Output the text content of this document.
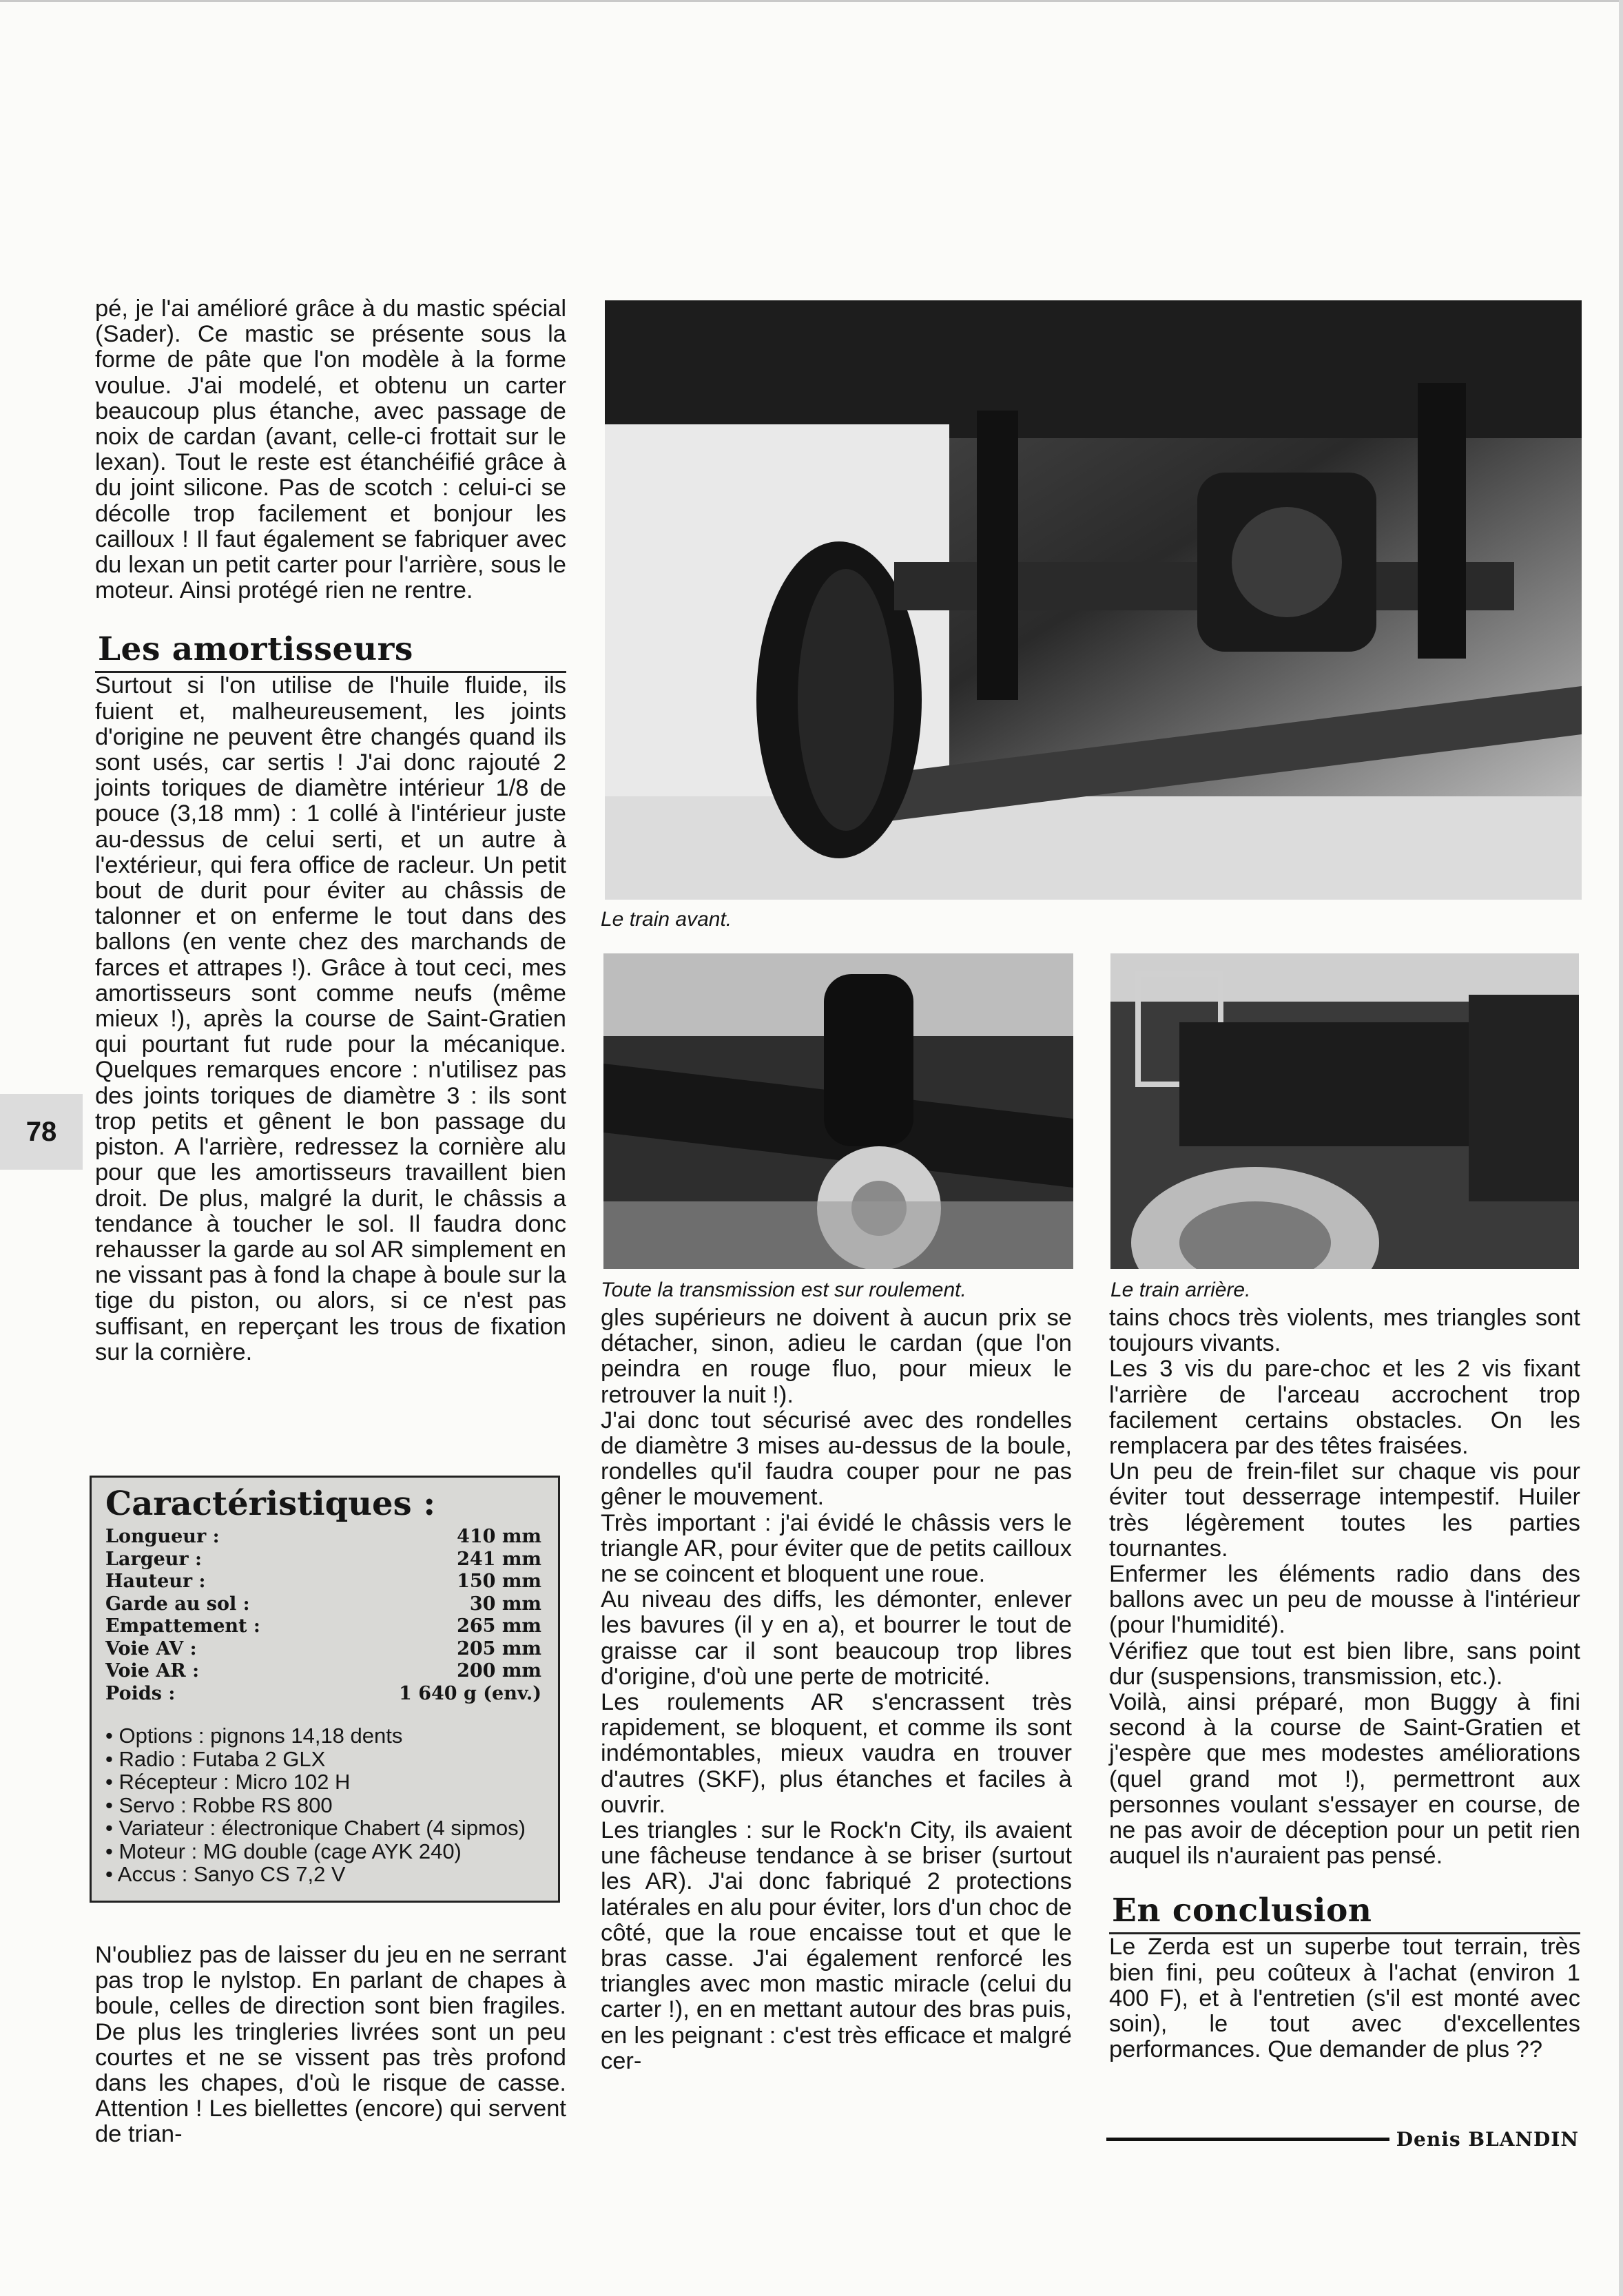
pé, je l'ai amélioré grâce à du mastic spécial (Sader). Ce mastic se présente sous la forme de pâte que l'on modèle à la forme voulue. J'ai modelé, et obtenu un carter beaucoup plus étanche, avec passage de noix de cardan (avant, celle-ci frottait sur le lexan). Tout le reste est étanchéifié grâce à du joint silicone. Pas de scotch : celui-ci se décolle trop facilement et bonjour les cailloux ! Il faut également se fabriquer avec du lexan un petit carter pour l'arrière, sous le moteur. Ainsi protégé rien ne rentre.

Les amortisseurs

Surtout si l'on utilise de l'huile fluide, ils fuient et, malheureusement, les joints d'origine ne peuvent être changés quand ils sont usés, car sertis ! J'ai donc rajouté 2 joints toriques de diamètre intérieur 1/8 de pouce (3,18 mm) : 1 collé à l'intérieur juste au-dessus de celui serti, et un autre à l'extérieur, qui fera office de racleur. Un petit bout de durit pour éviter au châssis de talonner et on enferme le tout dans des ballons (en vente chez des marchands de farces et attrapes !). Grâce à tout ceci, mes amortisseurs sont comme neufs (même mieux !), après la course de Saint-Gratien qui pourtant fut rude pour la mécanique. Quelques remarques encore : n'utilisez pas des joints toriques de diamètre 3 : ils sont trop petits et gênent le bon passage du piston. A l'arrière, redressez la cornière alu pour que les amortisseurs travaillent bien droit. De plus, malgré la durit, le châssis a tendance à toucher le sol. Il faudra donc rehausser la garde au sol AR simplement en ne vissant pas à fond la chape à boule sur la tige du piston, ou alors, si ce n'est pas suffisant, en reperçant les trous de fixation sur la cornière.

78
Caractéristiques :
Longueur :	410 mm
Largeur :	241 mm
Hauteur :	150 mm
Garde au sol :	30 mm
Empattement :	265 mm
Voie AV :	205 mm
Voie AR :	200 mm
Poids :	1 640 g (env.)
• Options : pignons 14,18 dents
• Radio : Futaba 2 GLX
• Récepteur : Micro 102 H
• Servo : Robbe RS 800
• Variateur : électronique Chabert (4 sipmos)
• Moteur : MG double (cage AYK 240)
• Accus : Sanyo CS 7,2 V

N'oubliez pas de laisser du jeu en ne serrant pas trop le nylstop. En parlant de chapes à boule, celles de direction sont bien fragiles. De plus les tringleries livrées sont un peu courtes et ne se vissent pas très profond dans les chapes, d'où le risque de casse. Attention ! Les biellettes (encore) qui servent de trian-

Le train avant.
Toute la transmission est sur roulement.	Le train arrière.

gles supérieurs ne doivent à aucun prix se détacher, sinon, adieu le cardan (que l'on peindra en rouge fluo, pour mieux le retrouver la nuit !).

J'ai donc tout sécurisé avec des rondelles de diamètre 3 mises au-dessus de la boule, rondelles qu'il faudra couper pour ne pas gêner le mouvement.

Très important : j'ai évidé le châssis vers le triangle AR, pour éviter que de petits cailloux ne se coincent et bloquent une roue.

Au niveau des diffs, les démonter, enlever les bavures (il y en a), et bourrer le tout de graisse car il sont beaucoup trop libres d'origine, d'où une perte de motricité.

Les roulements AR s'encrassent très rapidement, se bloquent, et comme ils sont indémontables, mieux vaudra en trouver d'autres (SKF), plus étanches et faciles à ouvrir.

Les triangles : sur le Rock'n City, ils avaient une fâcheuse tendance à se briser (surtout les AR). J'ai donc fabriqué 2 protections latérales en alu pour éviter, lors d'un choc de côté, que la roue encaisse tout et que le bras casse. J'ai également renforcé les triangles avec mon mastic miracle (celui du carter !), en en mettant autour des bras puis, en les peignant : c'est très efficace et malgré cer-

tains chocs très violents, mes triangles sont toujours vivants.

Les 3 vis du pare-choc et les 2 vis fixant l'arrière de l'arceau accrochent trop facilement certains obstacles. On les remplacera par des têtes fraisées.

Un peu de frein-filet sur chaque vis pour éviter tout desserrage intempestif. Huiler très légèrement toutes les parties tournantes.

Enfermer les éléments radio dans des ballons avec un peu de mousse à l'intérieur (pour l'humidité).

Vérifiez que tout est bien libre, sans point dur (suspensions, transmission, etc.).

Voilà, ainsi préparé, mon Buggy à fini second à la course de Saint-Gratien et j'espère que mes modestes améliorations (quel grand mot !), permettront aux personnes voulant s'essayer en course, de ne pas avoir de déception pour un petit rien auquel ils n'auraient pas pensé.

En conclusion

Le Zerda est un superbe tout terrain, très bien fini, peu coûteux à l'achat (environ 1 400 F), et à l'entretien (s'il est monté avec soin), le tout avec d'excellentes performances. Que demander de plus ??

Denis BLANDIN
